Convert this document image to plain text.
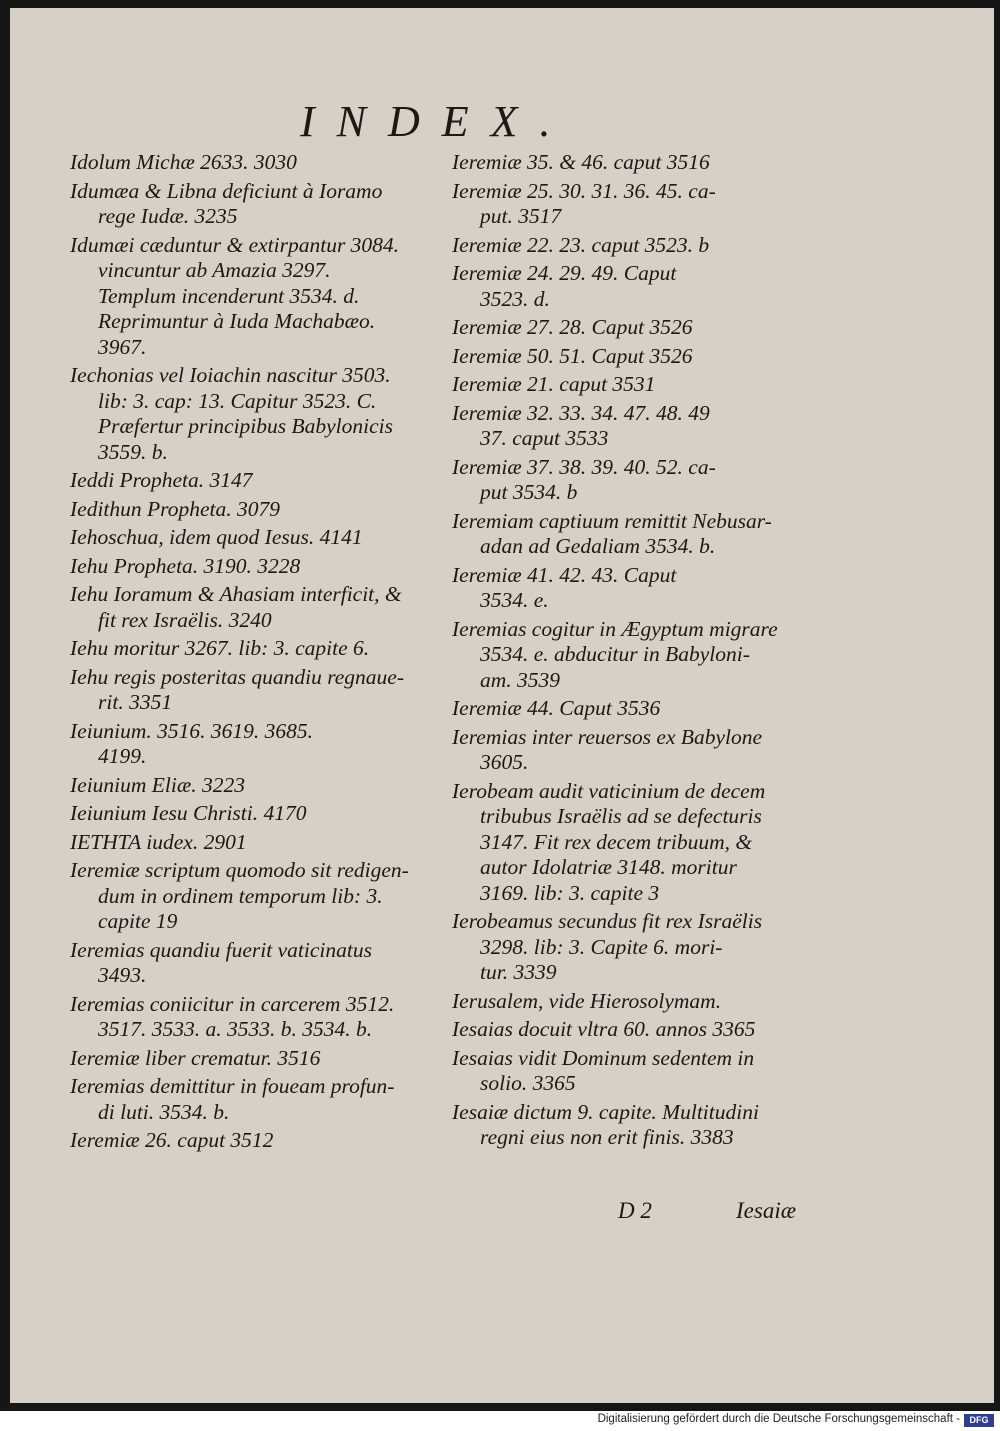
INDEX.
Idolum Michæ 2633. 3030
Idumæa & Libna deficiunt à Ioramo
rege Iudæ. 3235
Idumæi cæduntur & extirpantur 3084.
vincuntur ab Amazia 3297.
Templum incenderunt 3534. d.
Reprimuntur à Iuda Machabæo.
3967.
Iechonias vel Ioiachin nascitur 3503.
lib: 3. cap: 13. Capitur 3523. C.
Præfertur principibus Babylonicis
3559. b.
Ieddi Propheta. 3147
Iedithun Propheta. 3079
Iehoschua, idem quod Iesus. 4141
Iehu Propheta. 3190. 3228
Iehu Ioramum & Ahasiam interficit, &
fit rex Israëlis. 3240
Iehu moritur 3267. lib: 3. capite 6.
Iehu regis posteritas quandiu regnaue-
rit. 3351
Ieiunium. 3516. 3619. 3685.
4199.
Ieiunium Eliæ. 3223
Ieiunium Iesu Christi. 4170
ΙΕΤΗΤΑ iudex. 2901
Ieremiæ scriptum quomodo sit redigen-
dum in ordinem temporum lib: 3.
capite 19
Ieremias quandiu fuerit vaticinatus
3493.
Ieremias coniicitur in carcerem 3512.
3517. 3533. a. 3533. b. 3534. b.
Ieremiæ liber crematur. 3516
Ieremias demittitur in foueam profun-
di luti. 3534. b.
Ieremiæ 26. caput 3512
Ieremiæ 35. & 46. caput 3516
Ieremiæ 25. 30. 31. 36. 45. ca-
put. 3517
Ieremiæ 22. 23. caput 3523. b
Ieremiæ 24. 29. 49. Caput
3523. d.
Ieremiæ 27. 28. Caput 3526
Ieremiæ 50. 51. Caput 3526
Ieremiæ 21. caput 3531
Ieremiæ 32. 33. 34. 47. 48. 49
37. caput 3533
Ieremiæ 37. 38. 39. 40. 52. ca-
put 3534. b
Ieremiam captiuum remittit Nebusar-
adan ad Gedaliam 3534. b.
Ieremiæ 41. 42. 43. Caput
3534. e.
Ieremias cogitur in Ægyptum migrare
3534. e. abducitur in Babyloni-
am. 3539
Ieremiæ 44. Caput 3536
Ieremias inter reuersos ex Babylone
3605.
Ierobeam audit vaticinium de decem
tribubus Israëlis ad se defecturis
3147. Fit rex decem tribuum, &
autor Idolatriæ 3148. moritur
3169. lib: 3. capite 3
Ierobeamus secundus fit rex Israëlis
3298. lib: 3. Capite 6. mori-
tur. 3339
Ierusalem, vide Hierosolymam.
Iesaias docuit vltra 60. annos 3365
Iesaias vidit Dominum sedentem in
solio. 3365
Iesaiæ dictum 9. capite. Multitudini
regni eius non erit finis. 3383
D 2	Iesaiæ
Digitalisierung gefördert durch die Deutsche Forschungsgemeinschaft -	DFG
